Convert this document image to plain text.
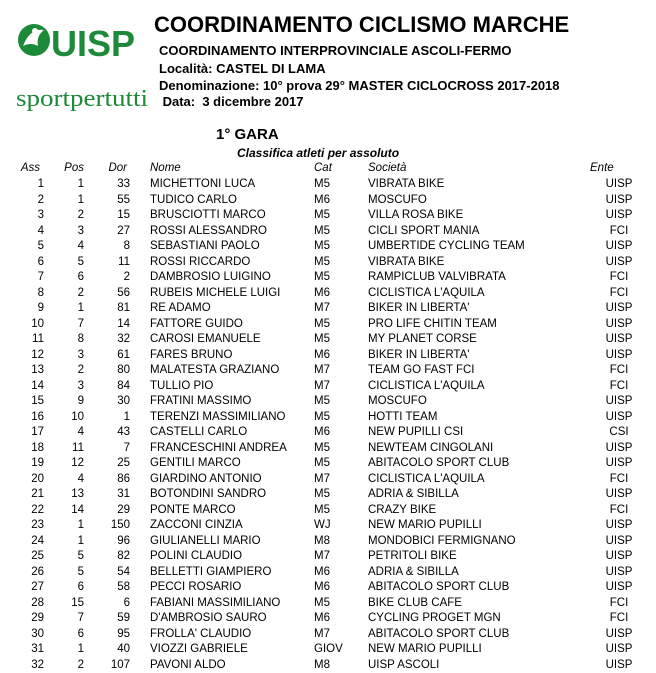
UISP
sportpertutti
COORDINAMENTO CICLISMO MARCHE
COORDINAMENTO INTERPROVINCIALE ASCOLI-FERMO
Località: CASTEL DI LAMA
Denominazione: 10° prova 29° MASTER CICLOCROSS 2017-2018
Data:  3 dicembre 2017
1° GARA
Classifica atleti per assoluto
Ass	Pos	Dor		Nome	Cat	Società	Ente
1	1	33		MICHETTONI LUCA	M5	VIBRATA BIKE	UISP
2	1	55		TUDICO CARLO	M6	MOSCUFO	UISP
3	2	15		BRUSCIOTTI MARCO	M5	VILLA ROSA BIKE	UISP
4	3	27		ROSSI ALESSANDRO	M5	CICLI SPORT MANIA	FCI
5	4	8		SEBASTIANI PAOLO	M5	UMBERTIDE CYCLING TEAM	UISP
6	5	11		ROSSI RICCARDO	M5	VIBRATA BIKE	UISP
7	6	2		DAMBROSIO LUIGINO	M5	RAMPICLUB VALVIBRATA	FCI
8	2	56		RUBEIS MICHELE LUIGI	M6	CICLISTICA L'AQUILA	FCI
9	1	81		RE ADAMO	M7	BIKER IN LIBERTA'	UISP
10	7	14		FATTORE GUIDO	M5	PRO LIFE CHITIN TEAM	UISP
11	8	32		CAROSI EMANUELE	M5	MY PLANET CORSE	UISP
12	3	61		FARES BRUNO	M6	BIKER IN LIBERTA'	UISP
13	2	80		MALATESTA GRAZIANO	M7	TEAM GO FAST FCI	FCI
14	3	84		TULLIO PIO	M7	CICLISTICA L'AQUILA	FCI
15	9	30		FRATINI MASSIMO	M5	MOSCUFO	UISP
16	10	1		TERENZI MASSIMILIANO	M5	HOTTI TEAM	UISP
17	4	43		CASTELLI CARLO	M6	NEW PUPILLI CSI	CSI
18	11	7		FRANCESCHINI ANDREA	M5	NEWTEAM CINGOLANI	UISP
19	12	25		GENTILI MARCO	M5	ABITACOLO SPORT CLUB	UISP
20	4	86		GIARDINO ANTONIO	M7	CICLISTICA L'AQUILA	FCI
21	13	31		BOTONDINI SANDRO	M5	ADRIA & SIBILLA	UISP
22	14	29		PONTE MARCO	M5	CRAZY BIKE	FCI
23	1	150		ZACCONI CINZIA	WJ	NEW MARIO PUPILLI	UISP
24	1	96		GIULIANELLI MARIO	M8	MONDOBICI FERMIGNANO	UISP
25	5	82		POLINI CLAUDIO	M7	PETRITOLI BIKE	UISP
26	5	54		BELLETTI GIAMPIERO	M6	ADRIA & SIBILLA	UISP
27	6	58		PECCI ROSARIO	M6	ABITACOLO SPORT CLUB	UISP
28	15	6		FABIANI MASSIMILIANO	M5	BIKE CLUB CAFE	FCI
29	7	59		D'AMBROSIO SAURO	M6	CYCLING PROGET MGN	FCI
30	6	95		FROLLA' CLAUDIO	M7	ABITACOLO SPORT CLUB	UISP
31	1	40		VIOZZI GABRIELE	GIOV	NEW MARIO PUPILLI	UISP
32	2	107		PAVONI ALDO	M8	UISP ASCOLI	UISP
